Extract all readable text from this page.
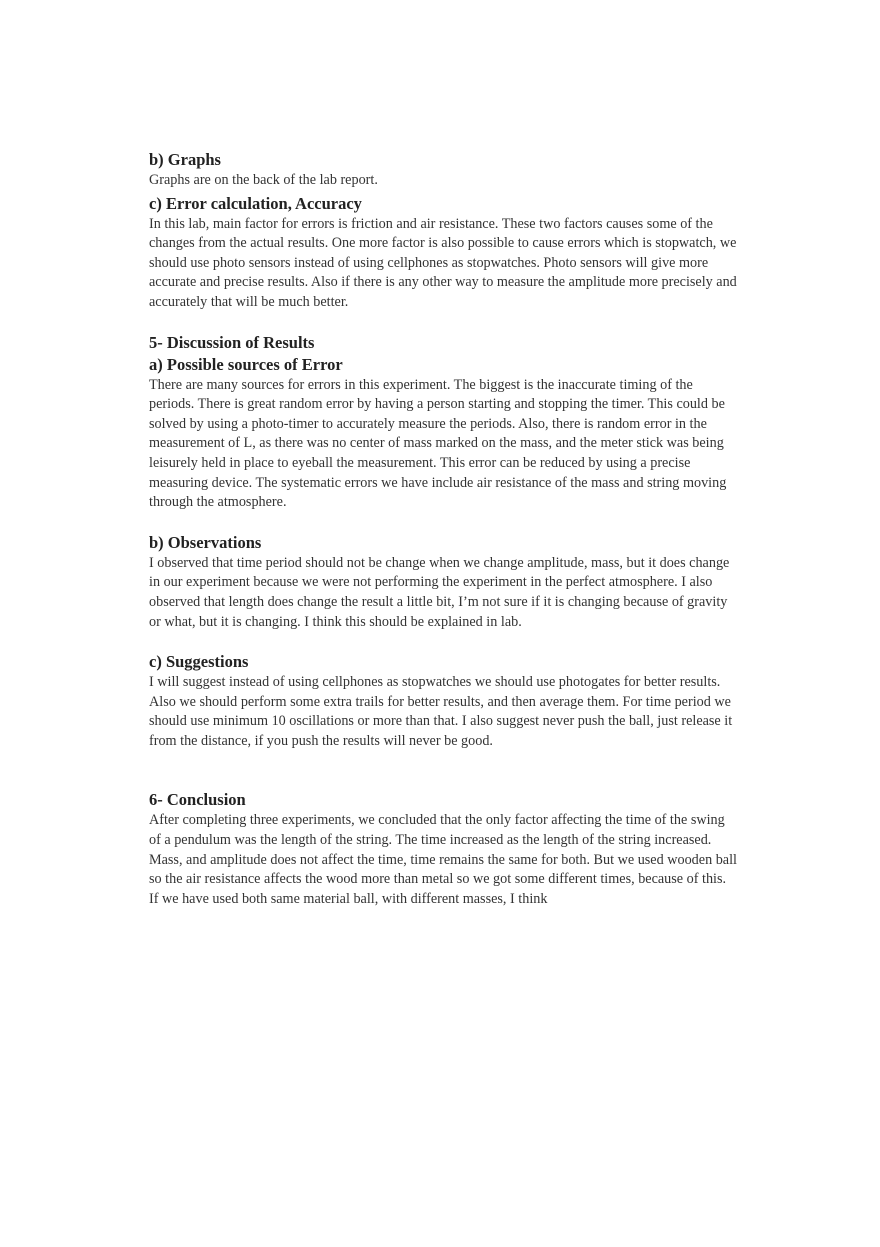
b) Graphs

Graphs are on the back of the lab report.

c) Error calculation, Accuracy

In this lab, main factor for errors is friction and air resistance. These two factors causes some of the changes from the actual results. One more factor is also possible to cause errors which is stopwatch, we should use photo sensors instead of using cellphones as stopwatches. Photo sensors will give more accurate and precise results. Also if there is any other way to measure the amplitude more precisely and accurately that will be much better.

5- Discussion of Results
a) Possible sources of Error

There are many sources for errors in this experiment. The biggest is the inaccurate timing of the periods. There is great random error by having a person starting and stopping the timer. This could be solved by using a photo-timer to accurately measure the periods. Also, there is random error in the measurement of L, as there was no center of mass marked on the mass, and the meter stick was being leisurely held in place to eyeball the measurement. This error can be reduced by using a precise measuring device. The systematic errors we have include air resistance of the mass and string moving through the atmosphere.

b) Observations

I observed that time period should not be change when we change amplitude, mass, but it does change in our experiment because we were not performing the experiment in the perfect atmosphere. I also observed that length does change the result a little bit, I’m not sure if it is changing because of gravity or what, but it is changing. I think this should be explained in lab.

c) Suggestions

I will suggest instead of using cellphones as stopwatches we should use photogates for better results. Also we should perform some extra trails for better results, and then average them. For time period we should use minimum 10 oscillations or more than that. I also suggest never push the ball, just release it from the distance, if you push the results will never be good.

6- Conclusion

After completing three experiments, we concluded that the only factor affecting the time of the swing of a pendulum was the length of the string. The time increased as the length of the string increased. Mass, and amplitude does not affect the time, time remains the same for both. But we used wooden ball so the air resistance affects the wood more than metal so we got some different times, because of this. If we have used both same material ball, with different masses, I think
